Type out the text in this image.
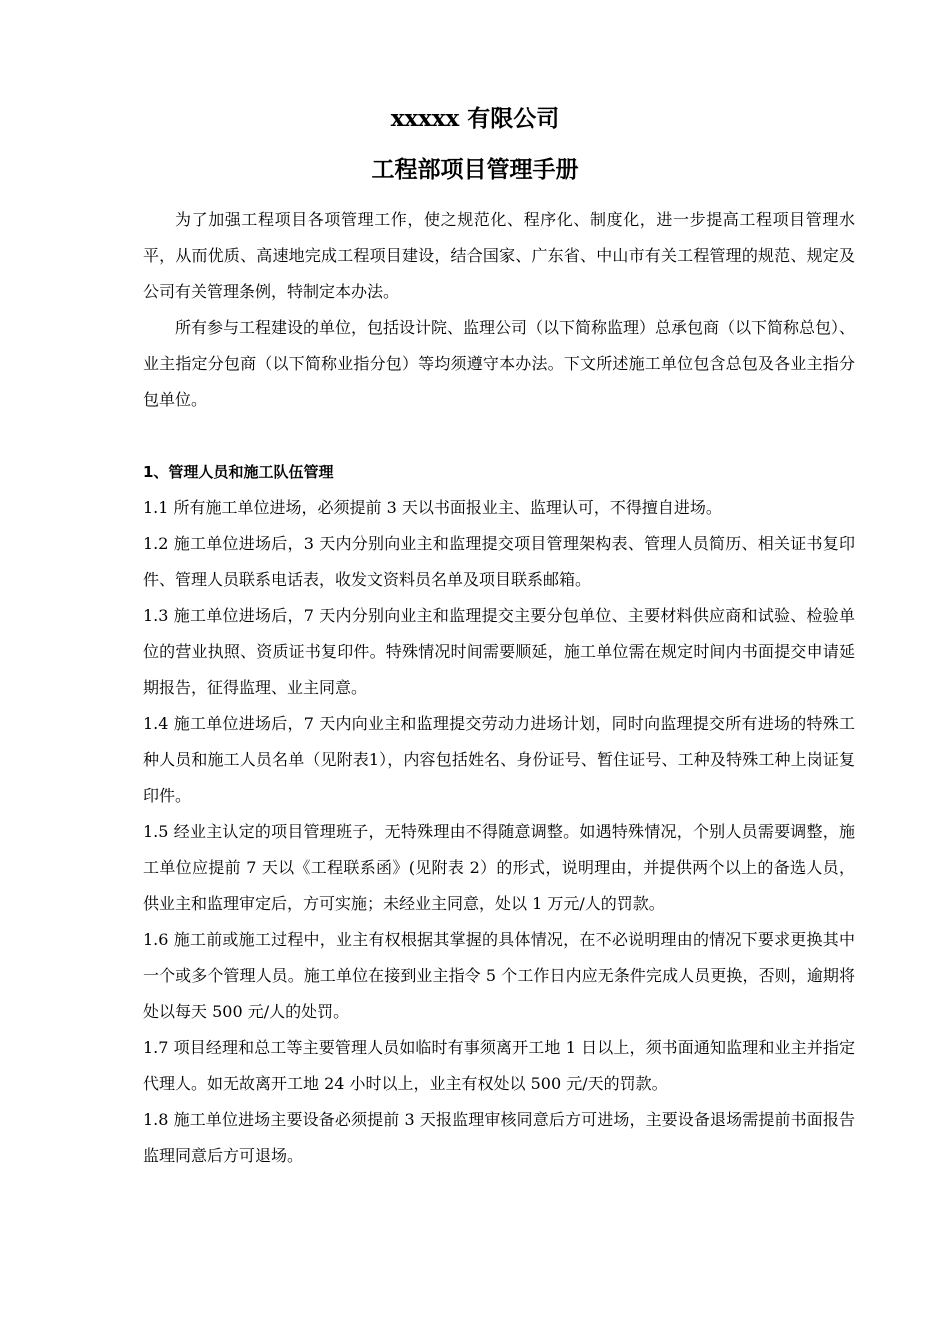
xxxxx 有限公司
工程部项目管理手册

为了加强工程项目各项管理工作，使之规范化、程序化、制度化，进一步提高工程项目管理水平，从而优质、高速地完成工程项目建设，结合国家、广东省、中山市有关工程管理的规范、规定及公司有关管理条例，特制定本办法。

所有参与工程建设的单位，包括设计院、监理公司（以下简称监理）总承包商（以下简称总包）、业主指定分包商（以下简称业指分包）等均须遵守本办法。下文所述施工单位包含总包及各业主指分包单位。

1、管理人员和施工队伍管理

1.1 所有施工单位进场，必须提前 3 天以书面报业主、监理认可，不得擅自进场。

1.2 施工单位进场后，3 天内分别向业主和监理提交项目管理架构表、管理人员简历、相关证书复印件、管理人员联系电话表，收发文资料员名单及项目联系邮箱。

1.3 施工单位进场后，7 天内分别向业主和监理提交主要分包单位、主要材料供应商和试验、检验单位的营业执照、资质证书复印件。特殊情况时间需要顺延，施工单位需在规定时间内书面提交申请延期报告，征得监理、业主同意。

1.4 施工单位进场后，7 天内向业主和监理提交劳动力进场计划，同时向监理提交所有进场的特殊工种人员和施工人员名单（见附表1），内容包括姓名、身份证号、暂住证号、工种及特殊工种上岗证复印件。

1.5 经业主认定的项目管理班子，无特殊理由不得随意调整。如遇特殊情况，个别人员需要调整，施工单位应提前 7 天以《工程联系函》(见附表 2）的形式，说明理由，并提供两个以上的备选人员，供业主和监理审定后，方可实施；未经业主同意，处以 1 万元/人的罚款。

1.6 施工前或施工过程中，业主有权根据其掌握的具体情况，在不必说明理由的情况下要求更换其中一个或多个管理人员。施工单位在接到业主指令 5 个工作日内应无条件完成人员更换，否则，逾期将处以每天 500 元/人的处罚。

1.7 项目经理和总工等主要管理人员如临时有事须离开工地 1 日以上，须书面通知监理和业主并指定代理人。如无故离开工地 24 小时以上，业主有权处以 500 元/天的罚款。

1.8 施工单位进场主要设备必须提前 3 天报监理审核同意后方可进场，主要设备退场需提前书面报告监理同意后方可退场。
